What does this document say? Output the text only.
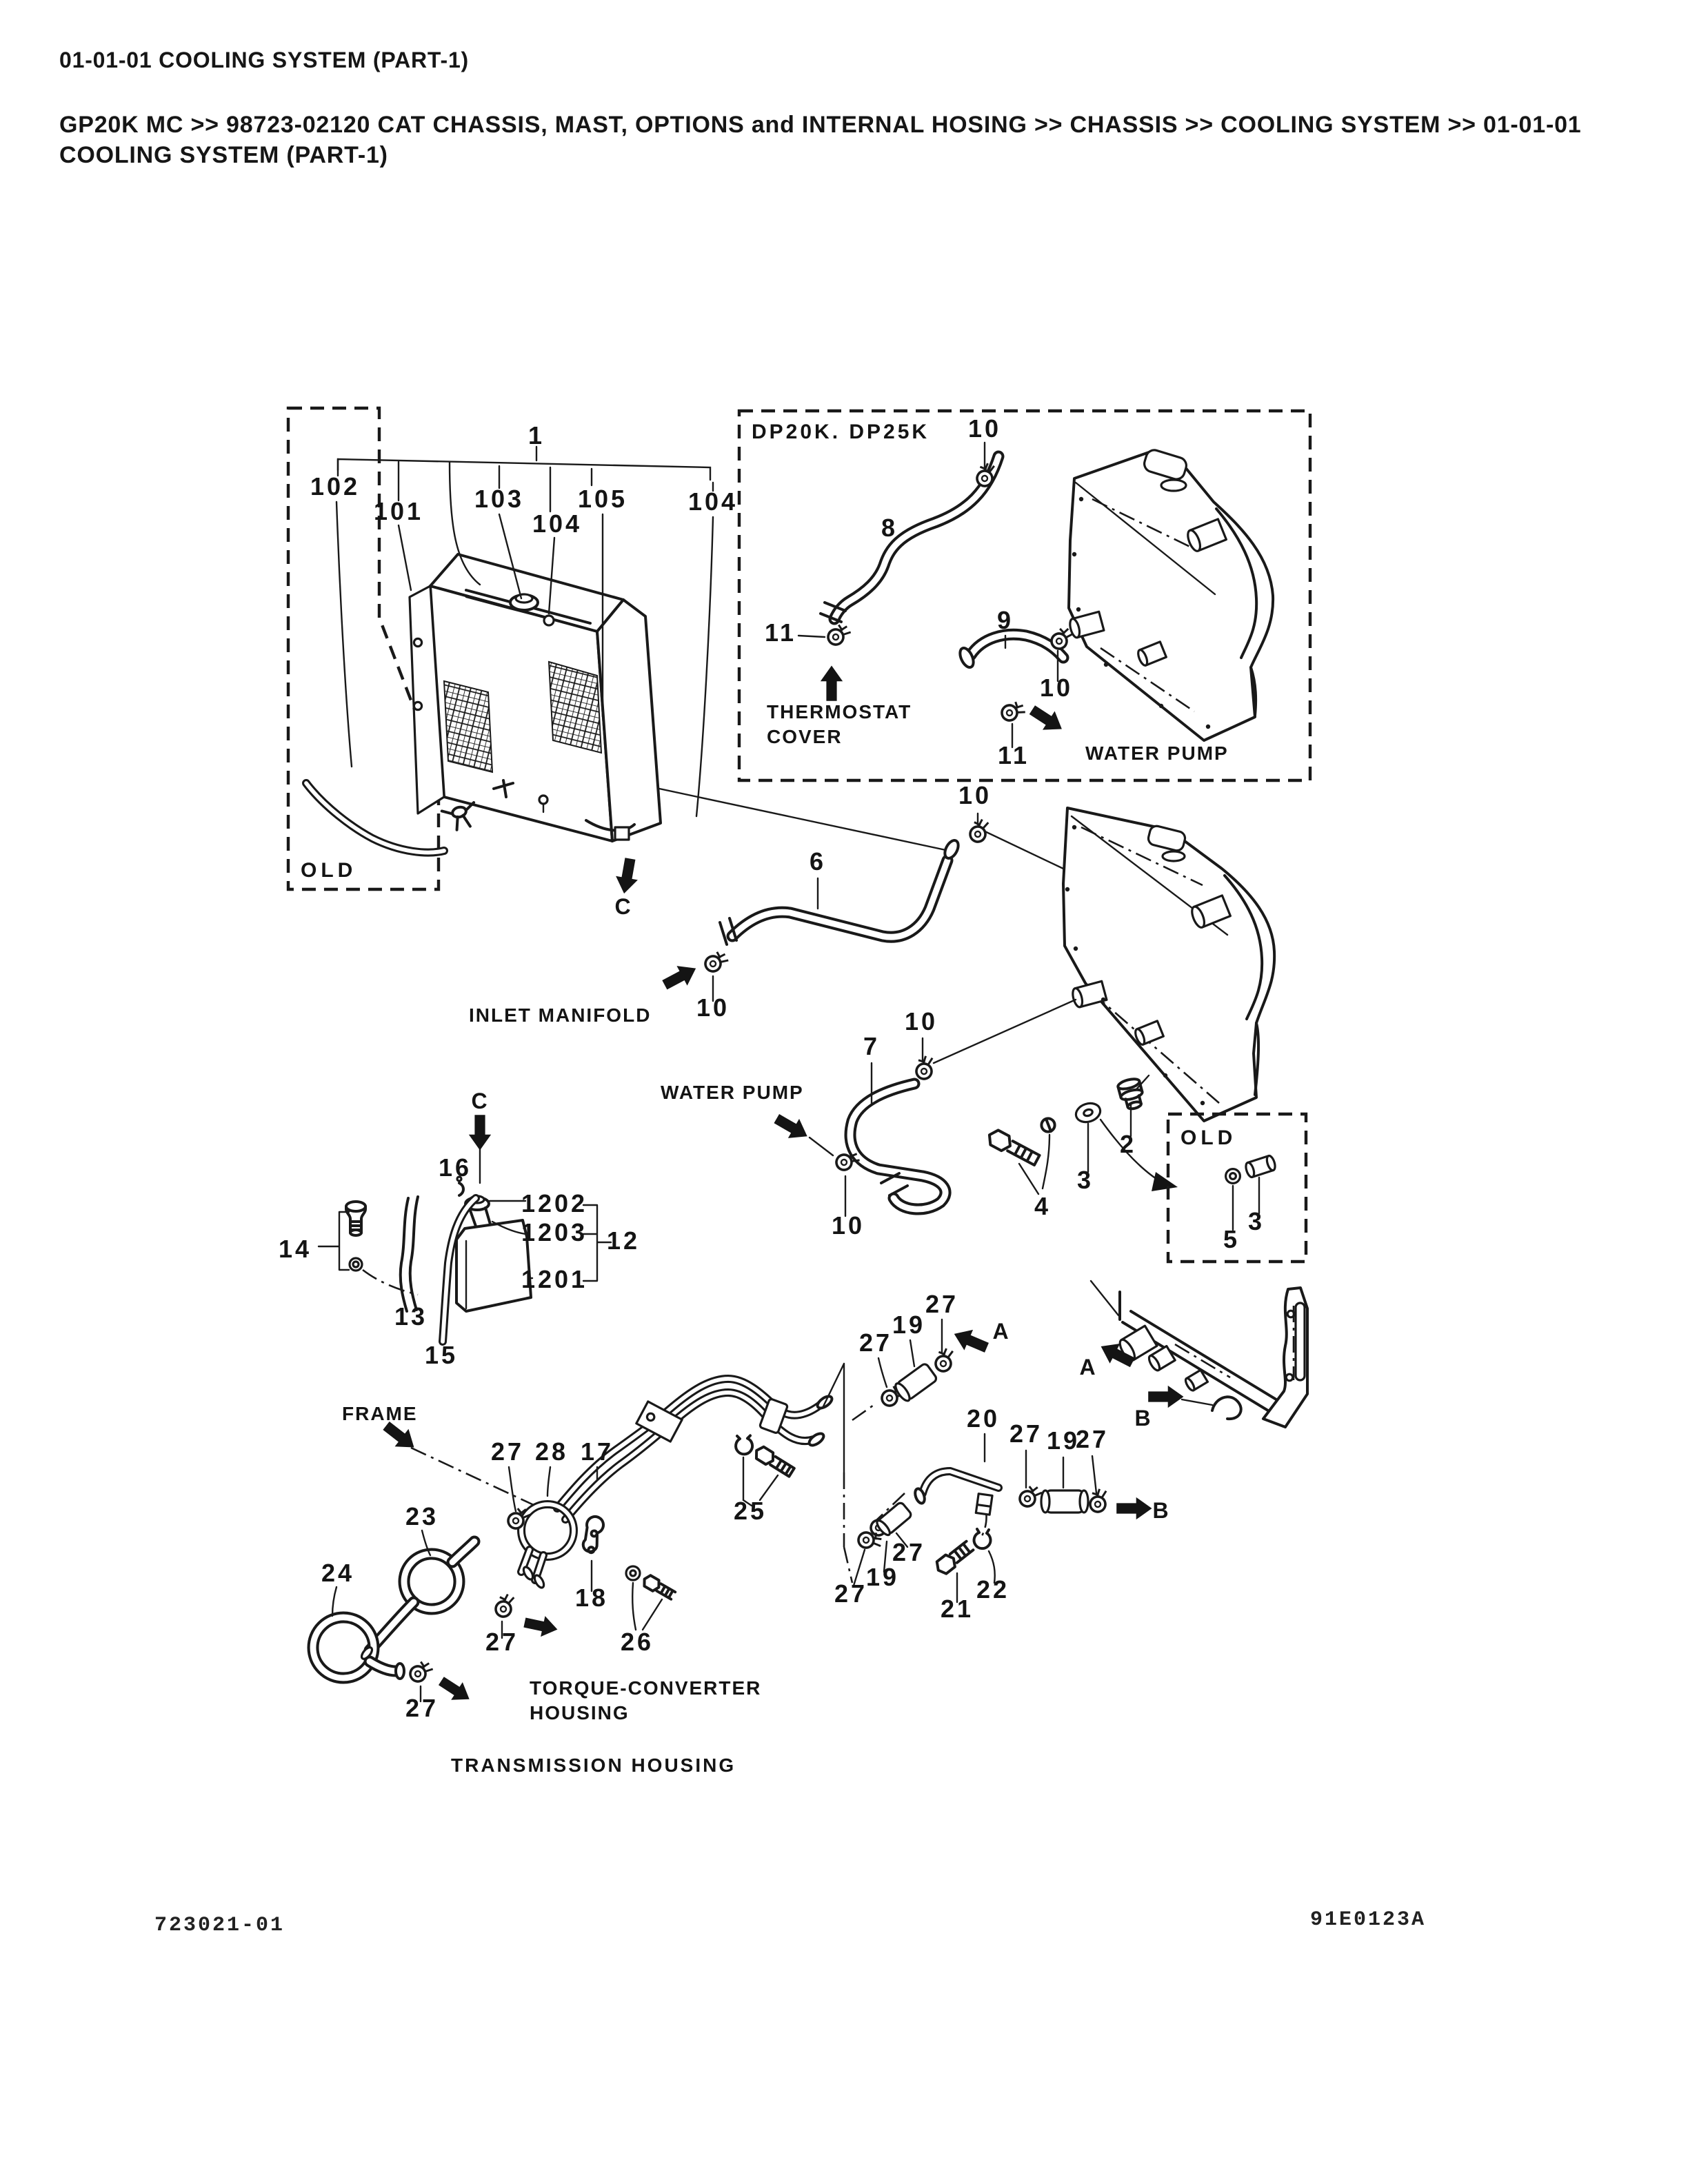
01-01-01 COOLING SYSTEM (PART-1)

GP20K MC >> 98723-02120 CAT CHASSIS, MAST, OPTIONS and INTERNAL HOSING >> CHASSIS >> COOLING SYSTEM >> 01-01-01 COOLING SYSTEM (PART-1)

1
102
101	103
104
105	104
10
8
11	9
10
11
10
6
10
7
10
10
2
3
4
5
3
16
1202
1203
1201
12
14
13
15
27 28 17
23
24
25
18
26
27
27
27
19
27
20
27 19
27
27
19
27
21
22
C
C
A
A
B
B
DP20K. DP25K
THERMOSTAT
COVER
WATER PUMP
INLET MANIFOLD
WATER PUMP
OLD
OLD
FRAME
TORQUE-CONVERTER
HOUSING
TRANSMISSION HOUSING
723021-01	91E0123A
